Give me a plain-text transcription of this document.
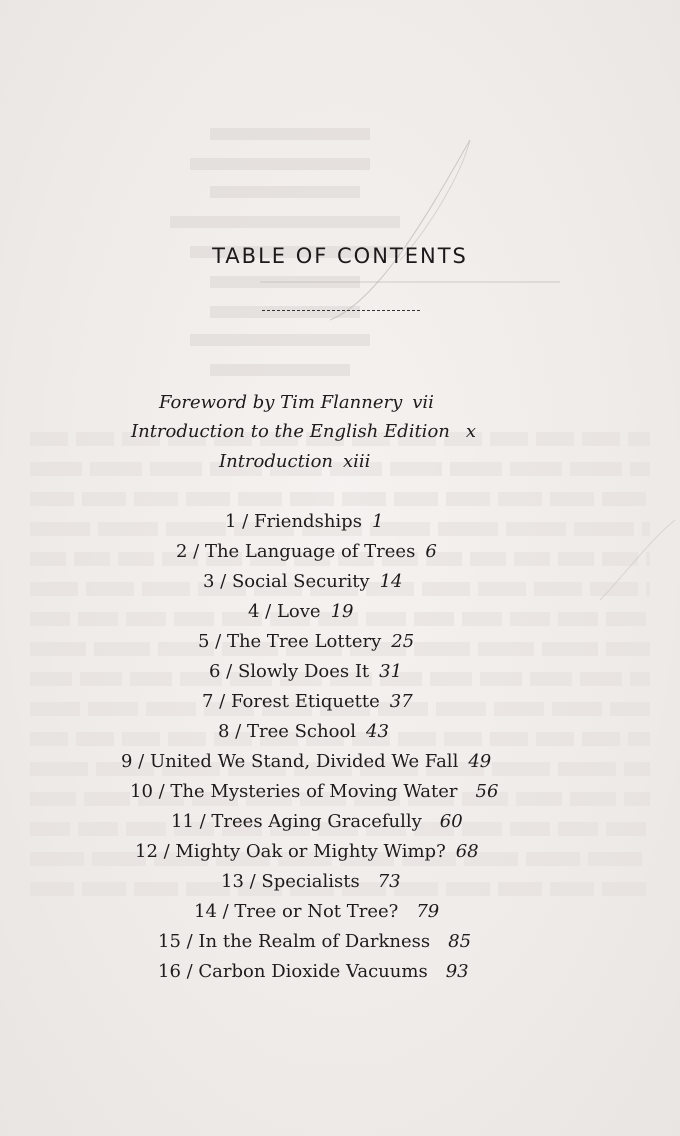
TABLE OF CONTENTS
Foreword by Tim Flannery vii
Introduction to the English Edition x
Introduction xiii
1 / Friendships 1
2 / The Language of Trees 6
3 / Social Security 14
4 / Love 19
5 / The Tree Lottery 25
6 / Slowly Does It 31
7 / Forest Etiquette 37
8 / Tree School 43
9 / United We Stand, Divided We Fall 49
10 / The Mysteries of Moving Water 56
11 / Trees Aging Gracefully 60
12 / Mighty Oak or Mighty Wimp? 68
13 / Specialists 73
14 / Tree or Not Tree? 79
15 / In the Realm of Darkness 85
16 / Carbon Dioxide Vacuums 93
